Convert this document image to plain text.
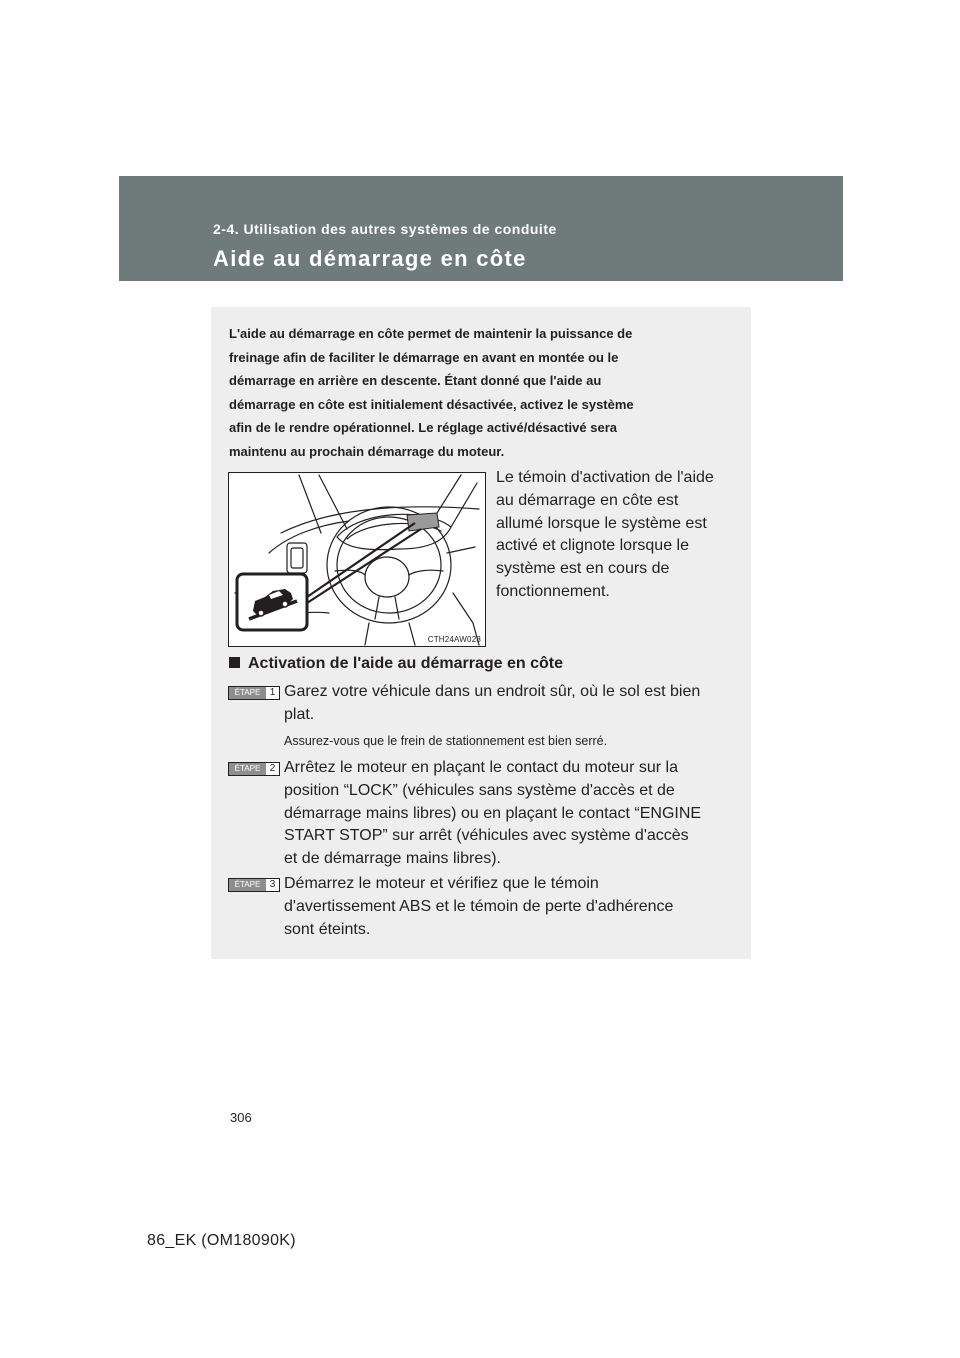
2-4. Utilisation des autres systèmes de conduite
Aide au démarrage en côte
L'aide au démarrage en côte permet de maintenir la puissance de
freinage afin de faciliter le démarrage en avant en montée ou le
démarrage en arrière en descente. Étant donné que l'aide au
démarrage en côte est initialement désactivée, activez le système
afin de le rendre opérationnel. Le réglage activé/désactivé sera
maintenu au prochain démarrage du moteur.
CTH24AW023
Le témoin d'activation de l'aide
au démarrage en côte est
allumé lorsque le système est
activé et clignote lorsque le
système est en cours de
fonctionnement.
Activation de l'aide au démarrage en côte
ÉTAPE 1 Garez votre véhicule dans un endroit sûr, où le sol est bien
plat.
Assurez-vous que le frein de stationnement est bien serré.
ÉTAPE 2 Arrêtez le moteur en plaçant le contact du moteur sur la
position “LOCK” (véhicules sans système d'accès et de
démarrage mains libres) ou en plaçant le contact “ENGINE
START STOP” sur arrêt (véhicules avec système d'accès
et de démarrage mains libres).
ÉTAPE 3 Démarrez le moteur et vérifiez que le témoin
d'avertissement ABS et le témoin de perte d'adhérence
sont éteints.
306
86_EK (OM18090K)
